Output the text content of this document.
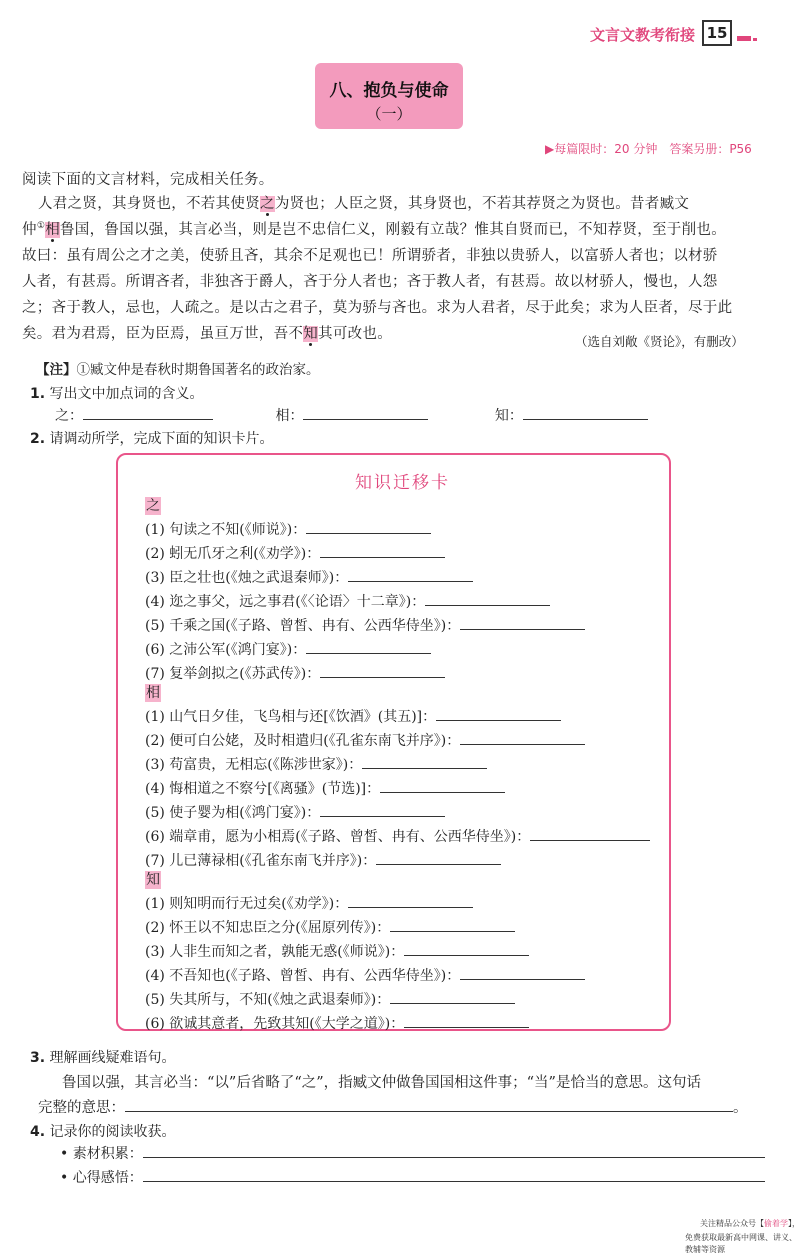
文言文教考衔接 15
八、抱负与使命
（一）
▶每篇限时：20 分钟　答案另册：P56
阅读下面的文言材料，完成相关任务。
人君之贤，其身贤也，不若其使贤之为贤也；人臣之贤，其身贤也，不若其荐贤之为贤也。昔者臧文
仲①相鲁国，鲁国以强，其言必当，则是岂不忠信仁义，刚毅有立哉？惟其自贤而已，不知荐贤，至于削也。
故曰：虽有周公之才之美，使骄且吝，其余不足观也已！所谓骄者，非独以贵骄人，以富骄人者也；以材骄
人者，有甚焉。所谓吝者，非独吝于爵人，吝于分人者也；吝于教人者，有甚焉。故以材骄人，慢也，人怨
之；吝于教人，忌也，人疏之。是以古之君子，莫为骄与吝也。求为人君者，尽于此矣；求为人臣者，尽于此
矣。君为君焉，臣为臣焉，虽亘万世，吾不知其可改也。	（选自刘敞《贤论》，有删改）
【注】①臧文仲是春秋时期鲁国著名的政治家。
1. 写出文中加点词的含义。
之：	相：	知：
2. 请调动所学，完成下面的知识卡片。
知识迁移卡
之
(1) 句读之不知(《师说》)：
(2) 蚓无爪牙之利(《劝学》)：
(3) 臣之壮也(《烛之武退秦师》)：
(4) 迩之事父，远之事君(《〈论语〉十二章》)：
(5) 千乘之国(《子路、曾皙、冉有、公西华侍坐》)：
(6) 之沛公军(《鸿门宴》)：
(7) 复举剑拟之(《苏武传》)：
相
(1) 山气日夕佳，飞鸟相与还[《饮酒》(其五)]：
(2) 便可白公姥，及时相遣归(《孔雀东南飞并序》)：
(3) 苟富贵，无相忘(《陈涉世家》)：
(4) 悔相道之不察兮[《离骚》(节选)]：
(5) 使子婴为相(《鸿门宴》)：
(6) 端章甫，愿为小相焉(《子路、曾皙、冉有、公西华侍坐》)：
(7) 儿已薄禄相(《孔雀东南飞并序》)：
知
(1) 则知明而行无过矣(《劝学》)：
(2) 怀王以不知忠臣之分(《屈原列传》)：
(3) 人非生而知之者，孰能无惑(《师说》)：
(4) 不吾知也(《子路、曾皙、冉有、公西华侍坐》)：
(5) 失其所与，不知(《烛之武退秦师》)：
(6) 欲诚其意者，先致其知(《大学之道》)：
3. 理解画线疑难语句。
鲁国以强，其言必当：“以”后省略了“之”，指臧文仲做鲁国国相这件事；“当”是恰当的意思。这句话
完整的意思：	。
4. 记录你的阅读收获。
• 素材积累：
• 心得感悟：
关注精品公众号【偷着学】，
免费获取最新高中网课、讲义、教辅等资源
